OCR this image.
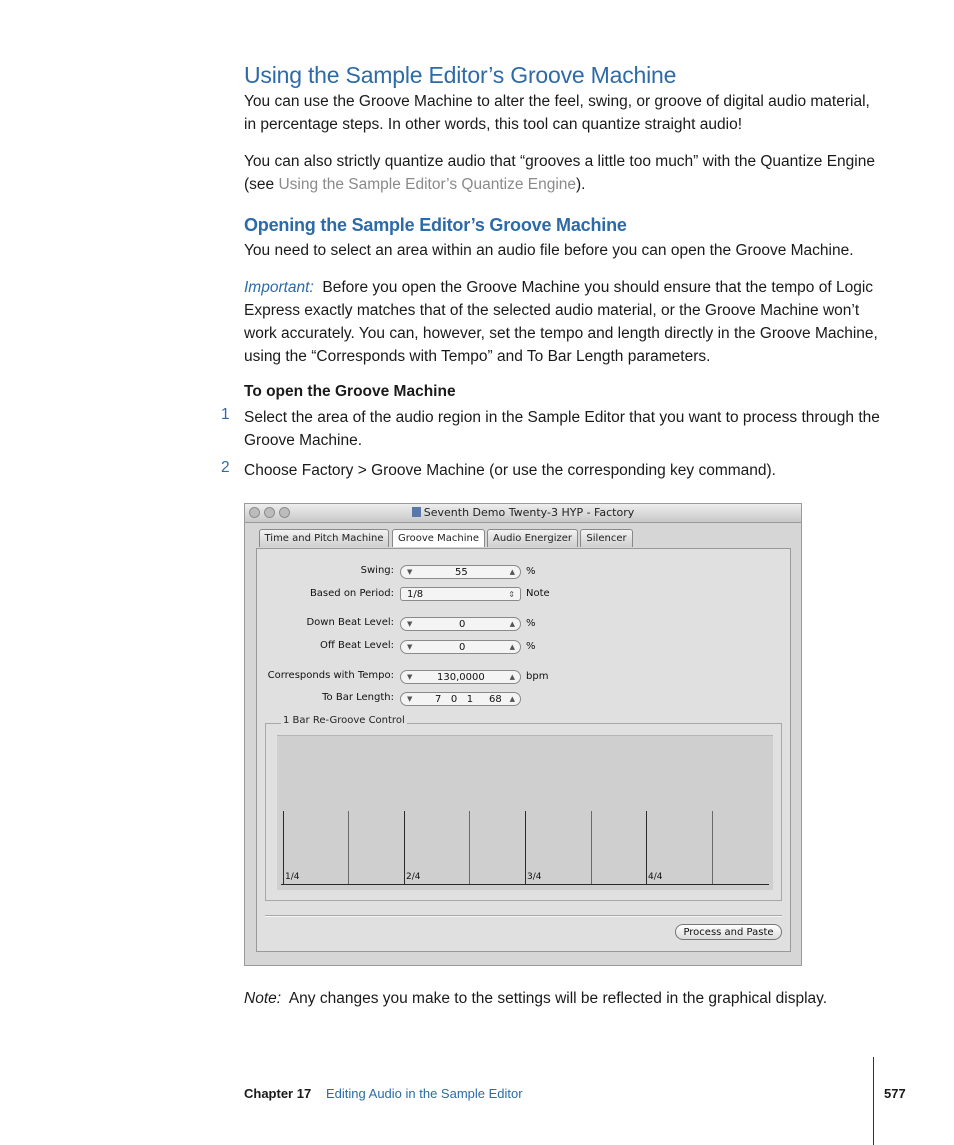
Using the Sample Editor’s Groove Machine
You can use the Groove Machine to alter the feel, swing, or groove of digital audio material, in percentage steps. In other words, this tool can quantize straight audio!
You can also strictly quantize audio that “grooves a little too much” with the Quantize Engine (see Using the Sample Editor’s Quantize Engine).
Opening the Sample Editor’s Groove Machine
You need to select an area within an audio file before you can open the Groove Machine.
Important: Before you open the Groove Machine you should ensure that the tempo of Logic Express exactly matches that of the selected audio material, or the Groove Machine won’t work accurately. You can, however, set the tempo and length directly in the Groove Machine, using the “Corresponds with Tempo” and To Bar Length parameters.
To open the Groove Machine
1 Select the area of the audio region in the Sample Editor that you want to process through the Groove Machine.
2 Choose Factory > Groove Machine (or use the corresponding key command).
Seventh Demo Twenty-3 HYP - Factory
Time and Pitch Machine	Groove Machine	Audio Energizer	Silencer
Swing: ▼	55	▲ %
Based on Period: 1/8	⇕ Note
Down Beat Level: ▼	0	▲ %
Off Beat Level: ▼	0	▲ %
Corresponds with Tempo: ▼ 130,0000	▲ bpm
To Bar Length: ▼ 7   0   1     68 ▲
1 Bar Re-Groove Control
1/4	2/4	3/4	4/4
Process and Paste
Note: Any changes you make to the settings will be reflected in the graphical display.
Chapter 17 Editing Audio in the Sample Editor	577
